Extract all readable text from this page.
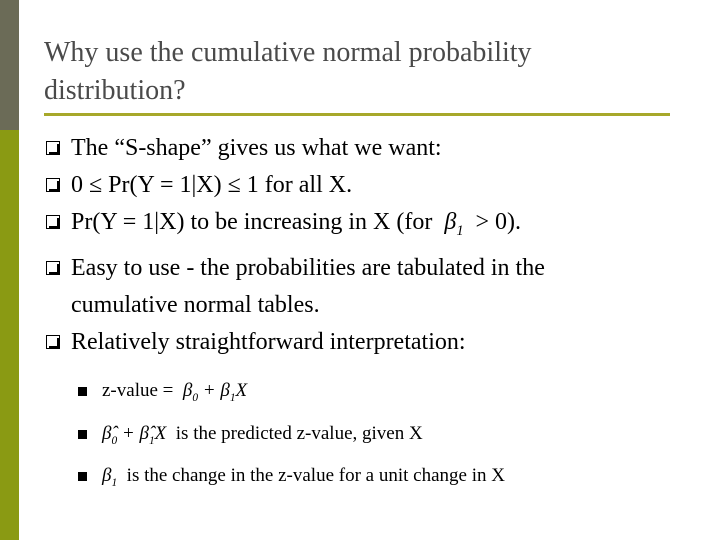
Why use the cumulative normal probability distribution?
The “S-shape” gives us what we want:
0 ≤ Pr(Y = 1|X) ≤ 1 for all X.
Pr(Y = 1|X) to be increasing in X (for  $\beta_1 > 0$).
Easy to use - the probabilities are tabulated in the
cumulative normal tables.
Relatively straightforward interpretation:
z-value =  $\beta_0 + \beta_1X$
$\betâ_0$ + $\betâ_1X$  is the predicted z-value, given X
$\beta_1$ is the change in the z-value for a unit change in X
